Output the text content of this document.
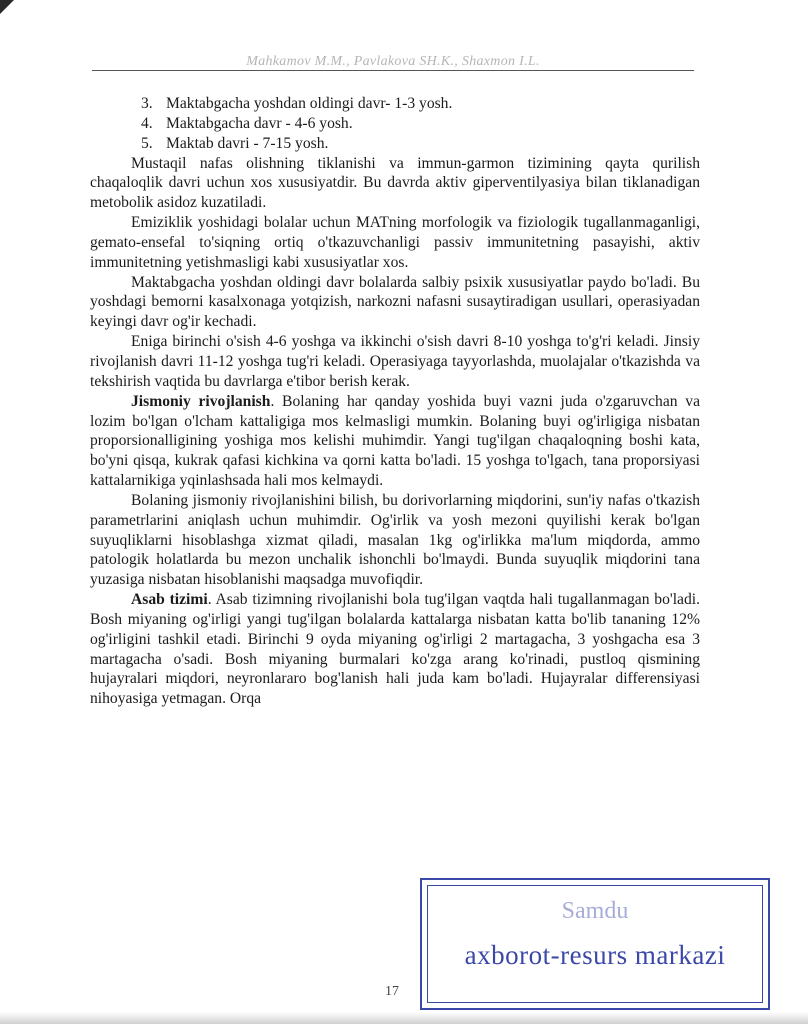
Mahkamov M.M., Pavlakova SH.K., Shaxmon I.L.
3. Maktabgacha yoshdan oldingi davr- 1-3 yosh.
4. Maktabgacha davr - 4-6 yosh.
5. Maktab davri - 7-15 yosh.

Mustaqil nafas olishning tiklanishi va immun-garmon tizimining qayta qurilish chaqaloqlik davri uchun xos xususiyatdir. Bu davrda aktiv giperventilyasiya bilan tiklanadigan metobolik asidoz kuzatiladi.

Emiziklik yoshidagi bolalar uchun MATning morfologik va fiziologik tugallanmaganligi, gemato-ensefal to'siqning ortiq o'tkazuvchanligi passiv immunitetning pasayishi, aktiv immunitetning yetishmasligi kabi xususiyatlar xos.

Maktabgacha yoshdan oldingi davr bolalarda salbiy psixik xususiyatlar paydo bo'ladi. Bu yoshdagi bemorni kasalxonaga yotqizish, narkozni nafasni susaytiradigan usullari, operasiyadan keyingi davr og'ir kechadi.

Eniga birinchi o'sish 4-6 yoshga va ikkinchi o'sish davri 8-10 yoshga to'g'ri keladi. Jinsiy rivojlanish davri 11-12 yoshga tug'ri keladi. Operasiyaga tayyorlashda, muolajalar o'tkazishda va tekshirish vaqtida bu davrlarga e'tibor berish kerak.

Jismoniy rivojlanish. Bolaning har qanday yoshida buyi vazni juda o'zgaruvchan va lozim bo'lgan o'lcham kattaligiga mos kelmasligi mumkin. Bolaning buyi og'irligiga nisbatan proporsionalligining yoshiga mos kelishi muhimdir. Yangi tug'ilgan chaqaloqning boshi kata, bo'yni qisqa, kukrak qafasi kichkina va qorni katta bo'ladi. 15 yoshga to'lgach, tana proporsiyasi kattalarnikiga yqinlashsada hali mos kelmaydi.

Bolaning jismoniy rivojlanishini bilish, bu dorivorlarning miqdorini, sun'iy nafas o'tkazish parametrlarini aniqlash uchun muhimdir. Og'irlik va yosh mezoni quyilishi kerak bo'lgan suyuqliklarni hisoblashga xizmat qiladi, masalan 1kg og'irlikka ma'lum miqdorda, ammo patologik holatlarda bu mezon unchalik ishonchli bo'lmaydi. Bunda suyuqlik miqdorini tana yuzasiga nisbatan hisoblanishi maqsadga muvofiqdir.

Asab tizimi. Asab tizimning rivojlanishi bola tug'ilgan vaqtda hali tugallanmagan bo'ladi. Bosh miyaning og'irligi yangi tug'ilgan bolalarda kattalarga nisbatan katta bo'lib tananing 12% og'irligini tashkil etadi. Birinchi 9 oyda miyaning og'irligi 2 martagacha, 3 yoshgacha esa 3 martagacha o'sadi. Bosh miyaning burmalari ko'zga arang ko'rinadi, pustloq qismining hujayralari miqdori, neyronlararo bog'lanish hali juda kam bo'ladi. Hujayralar differensiyasi nihoyasiga yetmagan. Orqa

17
Samdu
axborot-resurs markazi
